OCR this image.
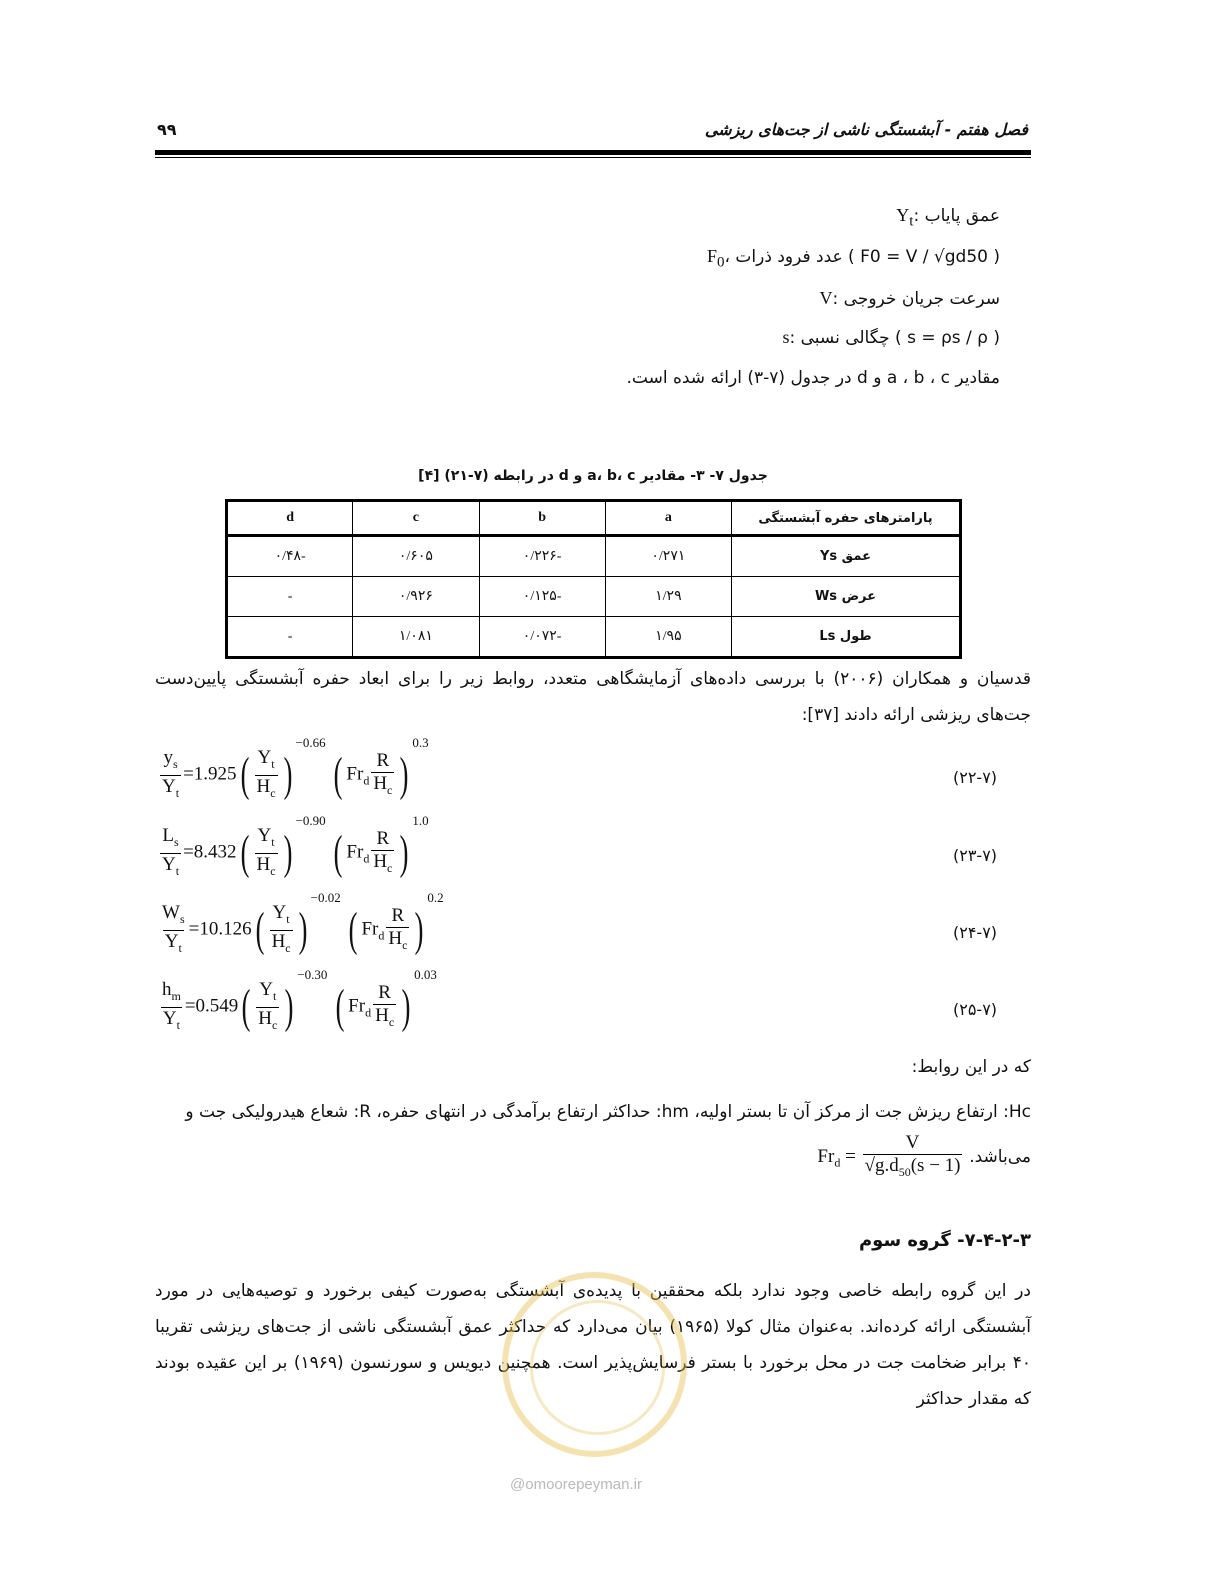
فصل هفتم - آبشستگی ناشی از جت‌های ریزشی
۹۹
$Y_t$: عمق پایاب
$F_0،$ عدد فرود ذرات ( F0 = V / √gd50 )
V: سرعت جریان خروجی
s: چگالی نسبی ( s = ρs / ρ )
مقادیر a ، b ، c و d در جدول (۷-۳) ارائه شده است.
جدول ۷- ۳- مقادیر a، b، c و d در رابطه (۷-۲۱) [۴]
پارامترهای حفره آبشستگی	a	b	c	d
عمق Ys	۰/۲۷۱	-۰/۲۲۶	۰/۶۰۵	-۰/۴۸
عرض Ws	۱/۲۹	-۰/۱۲۵	۰/۹۲۶	-
طول Ls	۱/۹۵	-۰/۰۷۲	۱/۰۸۱	-
قدسیان و همکاران (۲۰۰۶) با بررسی داده‌های آزمایشگاهی متعدد، روابط زیر را برای ابعاد حفره آبشستگی پایین‌دست جت‌های ریزشی ارائه دادند [۳۷]:
$\frac{y_s}{Y_t} =1.925( \frac{Y_t}{H_c} )^{-0.66}$ ( $Fr_d \frac{R}{H_c} )^{0.3}$
(۲۲-۷)
$\frac{L_s}{Y_t} =8.432( \frac{Y_t}{H_c} )^{-0.90}$ ( $Fr_d \frac{R}{H_c} )^{1.0}$
(۲۳-۷)
$\frac{W_s}{Y_t} =10.126( \frac{Y_t}{H_c} )^{-0.02}$ ( $Fr_d \frac{R}{H_c} )^{0.2}$
(۲۴-۷)
$\frac{h_m}{Y_t} =0.549( \frac{Y_t}{H_c} )^{-0.30}$ ( $Fr_d \frac{R}{H_c} )^{0.03}$
(۲۵-۷)
که در این روابط:
Hc: ارتفاع ریزش جت از مرکز آن تا بستر اولیه، hm: حداکثر ارتفاع برآمدگی در انتهای حفره، R: شعاع هیدرولیکی جت و
می‌باشد. $Fr_d = \frac{V}{√g.d_{50}(s - 1)}$
۷-۴-۲-۳- گروه سوم
در این گروه رابطه خاصی وجود ندارد بلکه محققین با پدیده‌ی آبشستگی به‌صورت کیفی برخورد و توصیه‌هایی در مورد آبشستگی ارائه کرده‌اند. به‌عنوان مثال کولا (۱۹۶۵) بیان می‌دارد که حداکثر عمق آبشستگی ناشی از جت‌های ریزشی تقریبا ۴۰ برابر ضخامت جت در محل برخورد با بستر فرسایش‌پذیر است. همچنین دیویس و سورنسون (۱۹۶۹) بر این عقیده بودند که مقدار حداکثر
@omoorepeyman.ir
